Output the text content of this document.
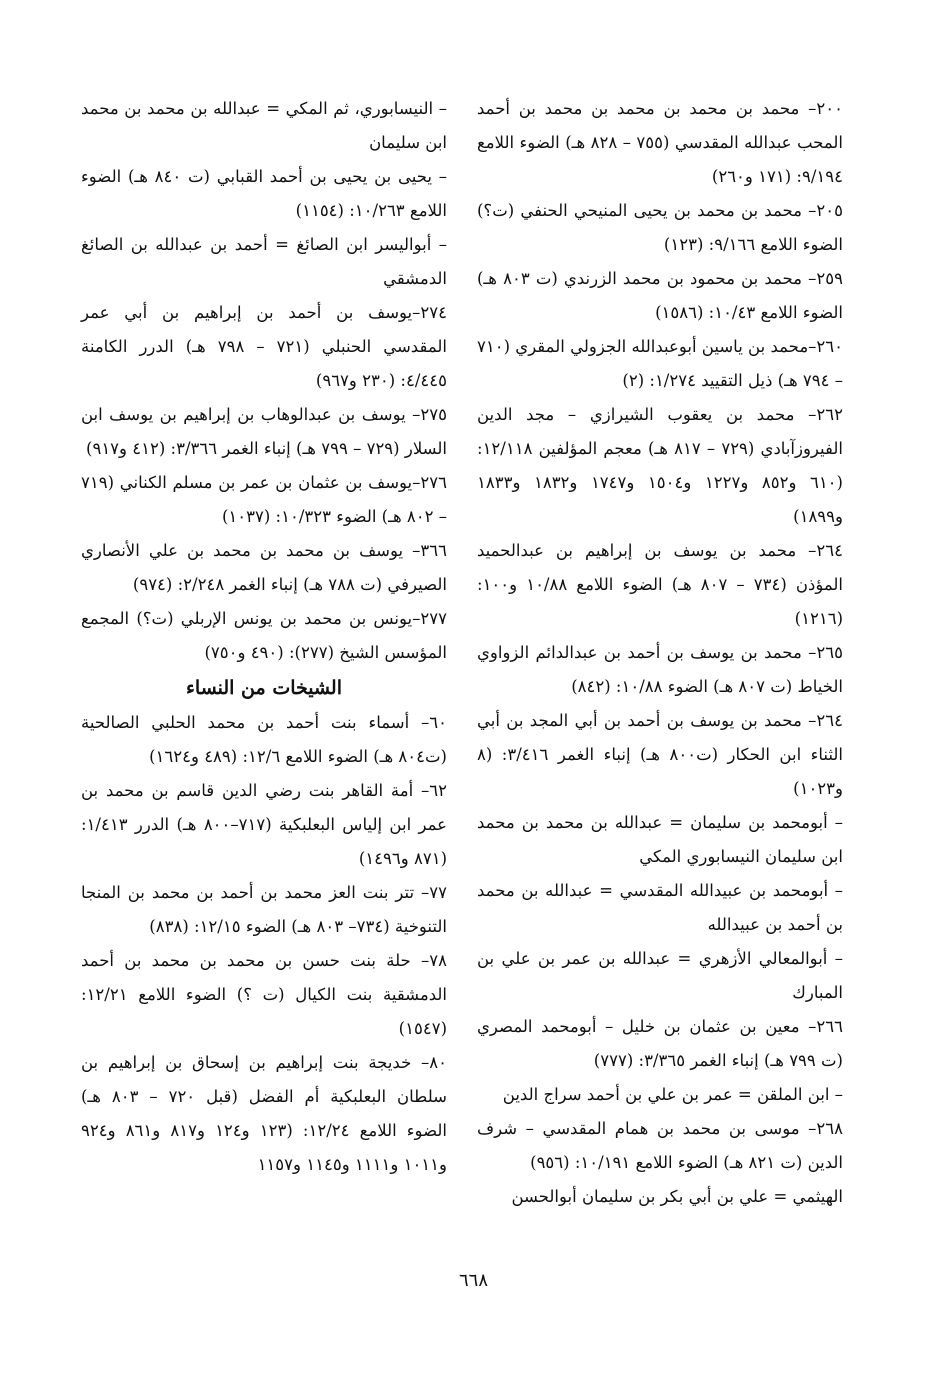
٢٠٠– محمد بن محمد بن محمد بن محمد بن أحمد المحب عبدالله المقدسي (٧٥٥ – ٨٢٨ هـ) الضوء اللامع ٩/١٩٤: (١٧١ و٢٦٠)

٢٠٥– محمد بن محمد بن يحيى المنيحي الحنفي (ت؟) الضوء اللامع ٩/١٦٦: (١٢٣)

٢٥٩– محمد بن محمود بن محمد الزرندي (ت ٨٠٣ هـ) الضوء اللامع ١٠/٤٣: (١٥٨٦)

٢٦٠–محمد بن ياسين أبوعبدالله الجزولي المقري (٧١٠ – ٧٩٤ هـ) ذيل التقييد ١/٢٧٤: (٢)

٢٦٢– محمد بن يعقوب الشيرازي – مجد الدين الفيروزآبادي (٧٢٩ – ٨١٧ هـ) معجم المؤلفين ١٢/١١٨: (٦١٠ و٨٥٢ و١٢٢٧ و١٥٠٤ و١٧٤٧ و١٨٣٢ و١٨٣٣ و١٨٩٩)

٢٦٤– محمد بن يوسف بن إبراهيم بن عبدالحميد المؤذن (٧٣٤ – ٨٠٧ هـ) الضوء اللامع ١٠/٨٨ و١٠٠: (١٢١٦)

٢٦٥– محمد بن يوسف بن أحمد بن عبدالدائم الزواوي الخياط (ت ٨٠٧ هـ) الضوء ١٠/٨٨: (٨٤٢)

٢٦٤– محمد بن يوسف بن أحمد بن أبي المجد بن أبي الثناء ابن الحكار (ت٨٠٠ هـ) إنباء الغمر ٣/٤١٦: (٨ و١٠٢٣)

– أبومحمد بن سليمان = عبدالله بن محمد بن محمد ابن سليمان النيسابوري المكي

– أبومحمد بن عبيدالله المقدسي = عبدالله بن محمد بن أحمد بن عبيدالله

– أبوالمعالي الأزهري = عبدالله بن عمر بن علي بن المبارك

٢٦٦– معين بن عثمان بن خليل – أبومحمد المصري (ت ٧٩٩ هـ) إنباء الغمر ٣/٣٦٥: (٧٧٧)

– ابن الملقن = عمر بن علي بن أحمد سراج الدين

٢٦٨– موسى بن محمد بن همام المقدسي – شرف الدين (ت ٨٢١ هـ) الضوء اللامع ١٠/١٩١: (٩٥٦)

الهيثمي = علي بن أبي بكر بن سليمان أبوالحسن

– النيسابوري، ثم المكي = عبدالله بن محمد بن محمد ابن سليمان

– يحيى بن يحيى بن أحمد القبابي (ت ٨٤٠ هـ) الضوء اللامع ١٠/٢٦٣: (١١٥٤)

– أبواليسر ابن الصائغ = أحمد بن عبدالله بن الصائغ الدمشقي

٢٧٤–يوسف بن أحمد بن إبراهيم بن أبي عمر المقدسي الحنبلي (٧٢١ – ٧٩٨ هـ) الدرر الكامنة ٤/٤٤٥: (٢٣٠ و٩٦٧)

٢٧٥– يوسف بن عبدالوهاب بن إبراهيم بن يوسف ابن السلار (٧٢٩ – ٧٩٩ هـ) إنباء الغمر ٣/٣٦٦: (٤١٢ و٩١٧)

٢٧٦–يوسف بن عثمان بن عمر بن مسلم الكناني (٧١٩ – ٨٠٢ هـ) الضوء ١٠/٣٢٣: (١٠٣٧)

٣٦٦– يوسف بن محمد بن محمد بن علي الأنصاري الصيرفي (ت ٧٨٨ هـ) إنباء الغمر ٢/٢٤٨: (٩٧٤)

٢٧٧–يونس بن محمد بن يونس الإربلي (ت؟) المجمع المؤسس الشيخ (٢٧٧): (٤٩٠ و٧٥٠)

الشيخات من النساء

٦٠– أسماء بنت أحمد بن محمد الحلبي الصالحية (ت٨٠٤ هـ) الضوء اللامع ١٢/٦: (٤٨٩ و١٦٢٤)

٦٢– أمة القاهر بنت رضي الدين قاسم بن محمد بن عمر ابن إلياس البعلبكية (٧١٧–٨٠٠ هـ) الدرر ١/٤١٣: (٨٧١ و١٤٩٦)

٧٧– تتر بنت العز محمد بن أحمد بن محمد بن المنجا التنوخية (٧٣٤– ٨٠٣ هـ) الضوء ١٢/١٥: (٨٣٨)

٧٨– حلة بنت حسن بن محمد بن محمد بن أحمد الدمشقية بنت الكيال (ت ؟) الضوء اللامع ١٢/٢١: (١٥٤٧)

٨٠– خديجة بنت إبراهيم بن إسحاق بن إبراهيم بن سلطان البعلبكية أم الفضل (قبل ٧٢٠ – ٨٠٣ هـ) الضوء اللامع ١٢/٢٤: (١٢٣ و١٢٤ و٨١٧ و٨٦١ و٩٢٤ و١٠١١ و١١١١ و١١٤٥ و١١٥٧

٦٦٨
